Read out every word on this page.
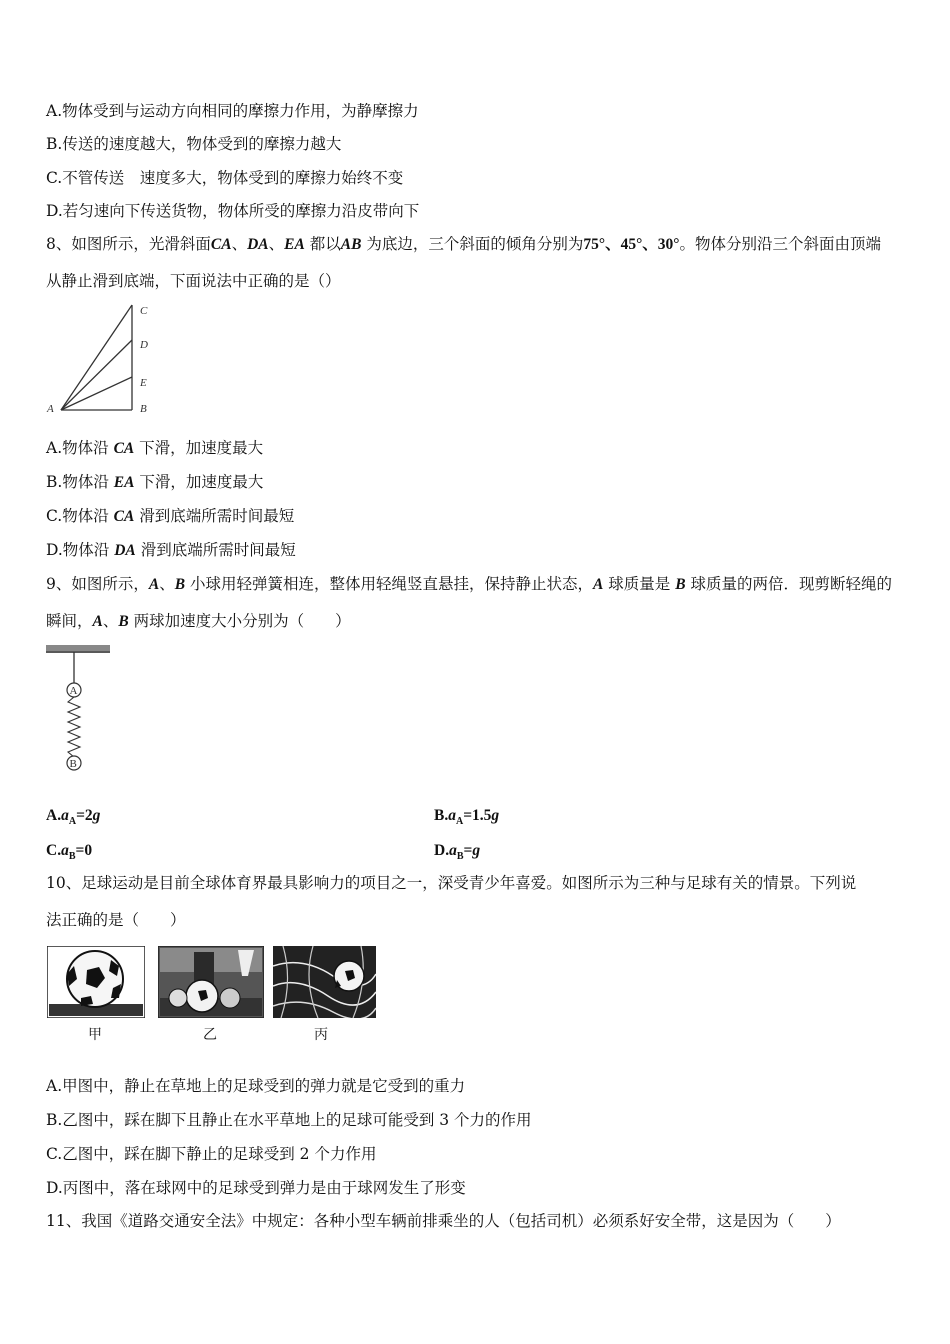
A.物体受到与运动方向相同的摩擦力作用，为静摩擦力
B.传送的速度越大，物体受到的摩擦力越大
C.不管传送　速度多大，物体受到的摩擦力始终不变
D.若匀速向下传送货物，物体所受的摩擦力沿皮带向下
8、如图所示，光滑斜面CA、DA、EA 都以AB 为底边，三个斜面的倾角分别为75°、45°、30°。物体分别沿三个斜面由顶端
从静止滑到底端，下面说法中正确的是（）
C
D
E
A	B
A.物体沿 CA 下滑，加速度最大
B.物体沿 EA 下滑，加速度最大
C.物体沿 CA 滑到底端所需时间最短
D.物体沿 DA 滑到底端所需时间最短
9、如图所示，A、B 小球用轻弹簧相连，整体用轻绳竖直悬挂，保持静止状态，A 球质量是 B 球质量的两倍．现剪断轻绳的
瞬间，A、B 两球加速度大小分别为（　　）
A
B
$A.a_A=2g$	$B.a_A=1.5g$
$C.a_B=0$	$D.a_B=g$
10、足球运动是目前全球体育界最具影响力的项目之一，深受青少年喜爱。如图所示为三种与足球有关的情景。下列说
法正确的是（　　）
甲	乙	丙
A.甲图中，静止在草地上的足球受到的弹力就是它受到的重力
B.乙图中，踩在脚下且静止在水平草地上的足球可能受到 3 个力的作用
C.乙图中，踩在脚下静止的足球受到 2 个力作用
D.丙图中，落在球网中的足球受到弹力是由于球网发生了形变
11、我国《道路交通安全法》中规定：各种小型车辆前排乘坐的人（包括司机）必须系好安全带，这是因为（　　）
